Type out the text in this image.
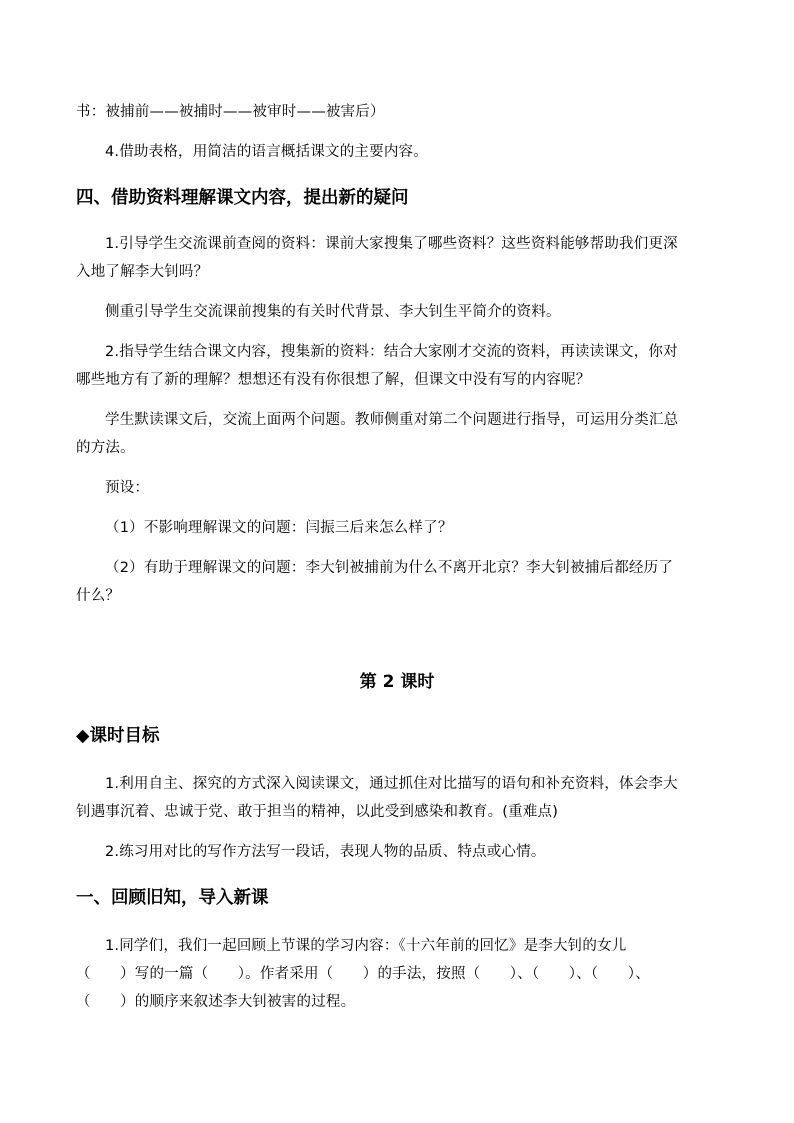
书：被捕前——被捕时——被审时——被害后）
4.借助表格，用简洁的语言概括课文的主要内容。
四、借助资料理解课文内容，提出新的疑问
1.引导学生交流课前查阅的资料：课前大家搜集了哪些资料？这些资料能够帮助我们更深
入地了解李大钊吗？
侧重引导学生交流课前搜集的有关时代背景、李大钊生平简介的资料。
2.指导学生结合课文内容，搜集新的资料：结合大家刚才交流的资料，再读读课文，你对
哪些地方有了新的理解？想想还有没有你很想了解，但课文中没有写的内容呢？
学生默读课文后，交流上面两个问题。教师侧重对第二个问题进行指导，可运用分类汇总
的方法。
预设：
（1）不影响理解课文的问题：闫振三后来怎么样了？
（2）有助于理解课文的问题：李大钊被捕前为什么不离开北京？李大钊被捕后都经历了
什么？
第 2 课时
◆课时目标
1.利用自主、探究的方式深入阅读课文，通过抓住对比描写的语句和补充资料，体会李大
钊遇事沉着、忠诚于党、敢于担当的精神，以此受到感染和教育。(重难点)
2.练习用对比的写作方法写一段话，表现人物的品质、特点或心情。
一、回顾旧知，导入新课
1.同学们，我们一起回顾上节课的学习内容：《十六年前的回忆》是李大钊的女儿
（　　）写的一篇（　　）。作者采用（　　）的手法，按照（　　）、（　　）、（　　）、
（　　）的顺序来叙述李大钊被害的过程。
